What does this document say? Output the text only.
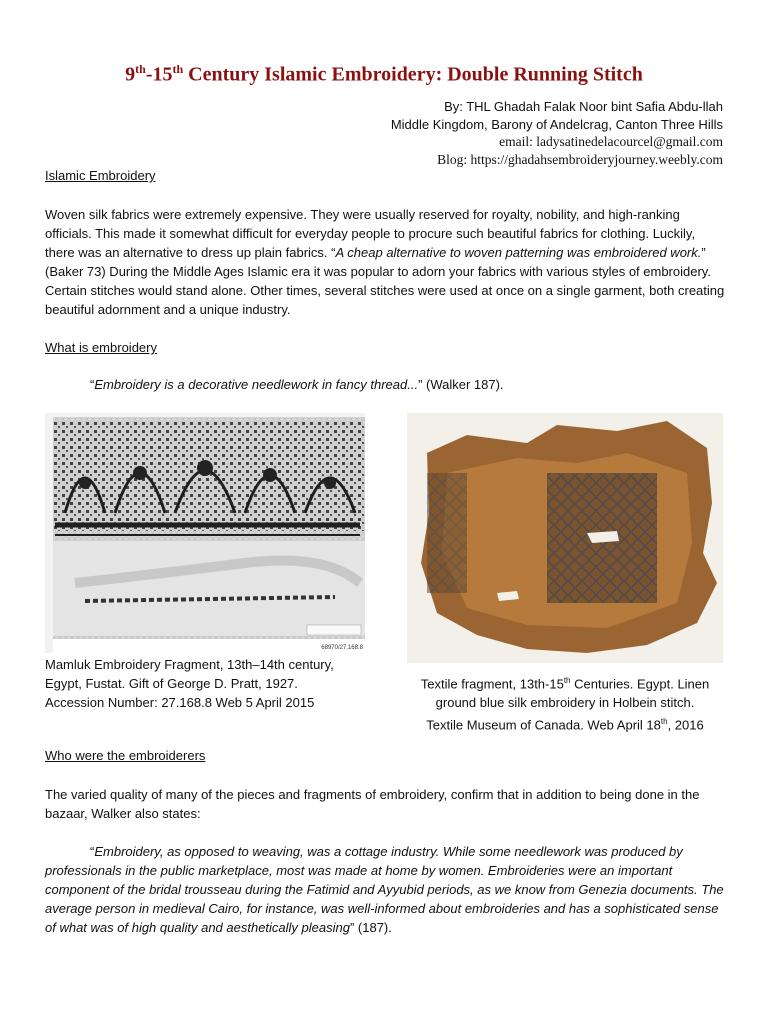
9th-15th Century Islamic Embroidery: Double Running Stitch
By: THL Ghadah Falak Noor bint Safia Abdu-llah
Middle Kingdom, Barony of Andelcrag, Canton Three Hills
email: ladysatinedelacourcel@gmail.com
Blog: https://ghadahsembroideryjourney.weebly.com
Islamic Embroidery
Woven silk fabrics were extremely expensive. They were usually reserved for royalty, nobility, and high-ranking officials. This made it somewhat difficult for everyday people to procure such beautiful fabrics for clothing. Luckily, there was an alternative to dress up plain fabrics. “A cheap alternative to woven patterning was embroidered work.” (Baker 73) During the Middle Ages Islamic era it was popular to adorn your fabrics with various styles of embroidery. Certain stitches would stand alone. Other times, several stitches were used at once on a single garment, both creating beautiful adornment and a unique industry.
What is embroidery
“Embroidery is a decorative needlework in fancy thread...” (Walker 187).
68970/27.168.8
Mamluk Embroidery Fragment, 13th–14th century,
Egypt, Fustat. Gift of George D. Pratt, 1927.
Accession Number: 27.168.8 Web 5 April 2015
Textile fragment, 13th-15th Centuries. Egypt. Linen
ground blue silk embroidery in Holbein stitch.
Textile Museum of Canada. Web April 18th, 2016
Who were the embroiderers
The varied quality of many of the pieces and fragments of embroidery, confirm that in addition to being done in the bazaar, Walker also states:
“Embroidery, as opposed to weaving, was a cottage industry. While some needlework was produced by professionals in the public marketplace, most was made at home by women. Embroideries were an important component of the bridal trousseau during the Fatimid and Ayyubid periods, as we know from Genezia documents. The average person in medieval Cairo, for instance, was well-informed about embroideries and has a sophisticated sense of what was of high quality and aesthetically pleasing” (187).
